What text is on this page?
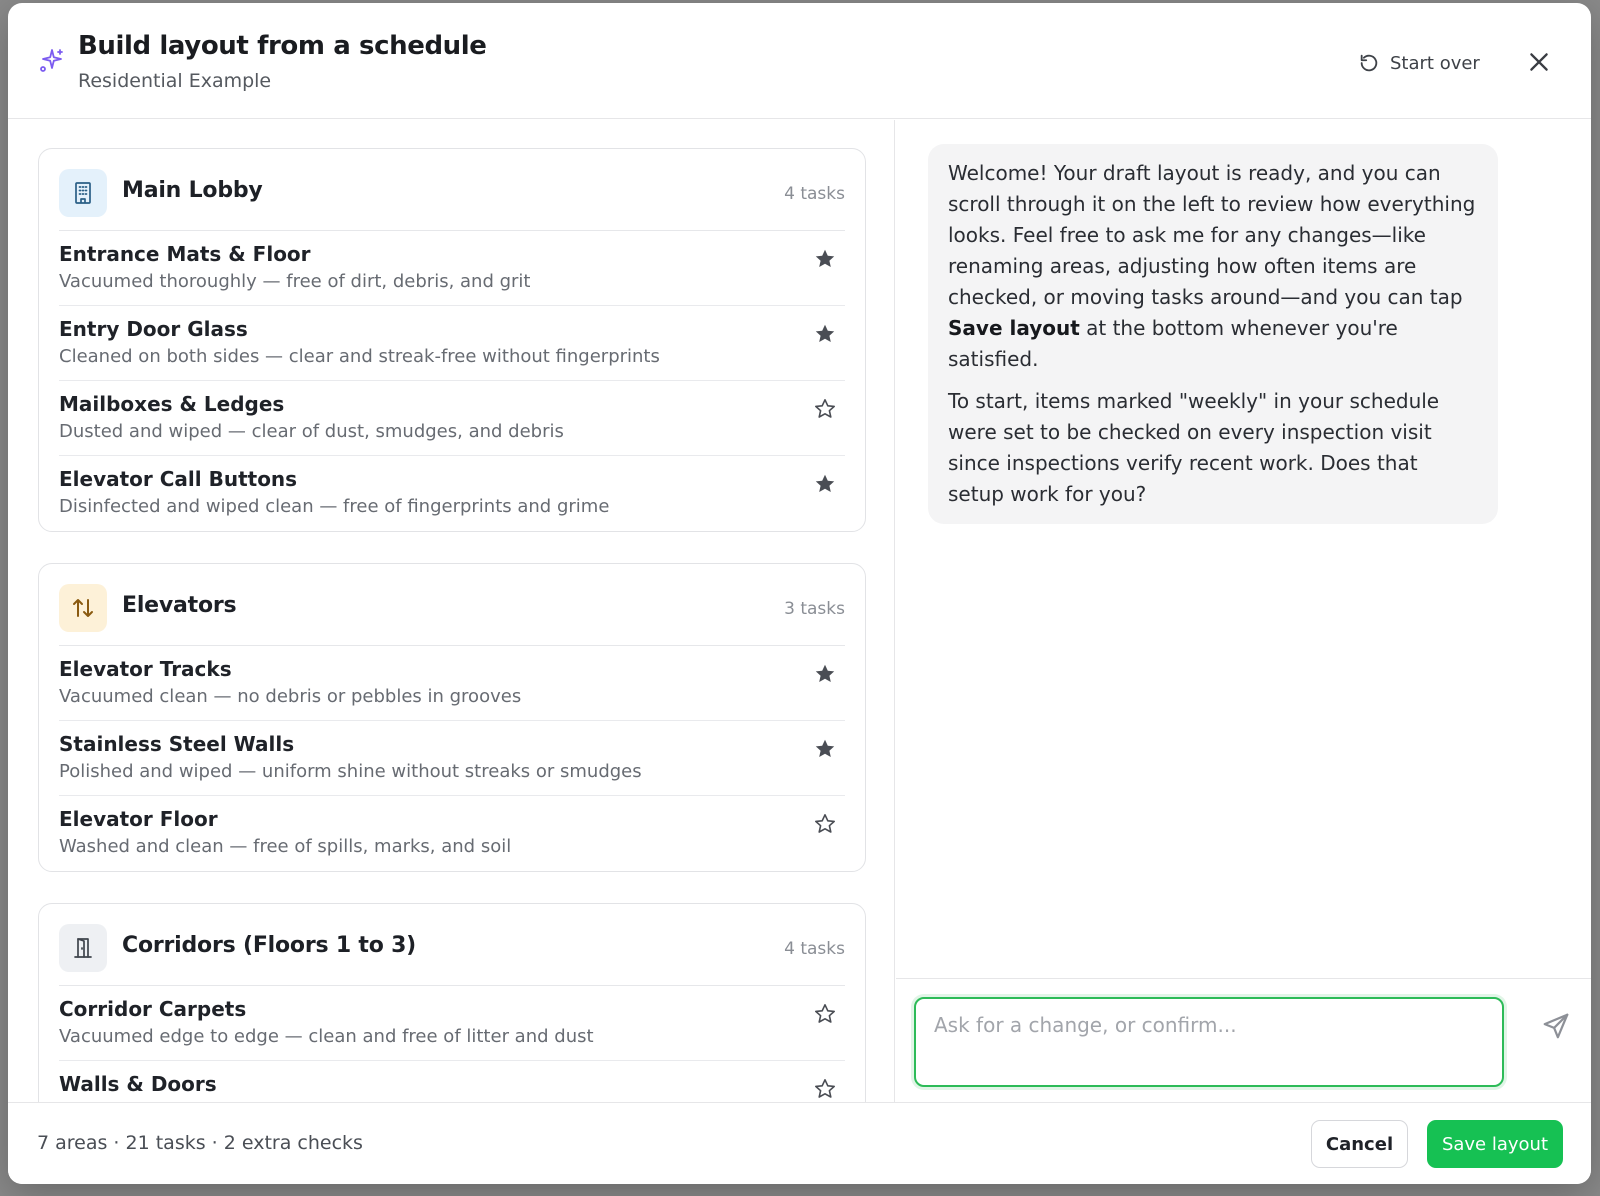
Build layout from a schedule
Residential Example
Start over
Main Lobby	4 tasks
Entrance Mats & Floor
Vacuumed thoroughly — free of dirt, debris, and grit
Entry Door Glass
Cleaned on both sides — clear and streak-free without fingerprints
Mailboxes & Ledges
Dusted and wiped — clear of dust, smudges, and debris
Elevator Call Buttons
Disinfected and wiped clean — free of fingerprints and grime
Elevators	3 tasks
Elevator Tracks
Vacuumed clean — no debris or pebbles in grooves
Stainless Steel Walls
Polished and wiped — uniform shine without streaks or smudges
Elevator Floor
Washed and clean — free of spills, marks, and soil
Corridors (Floors 1 to 3)	4 tasks
Corridor Carpets
Vacuumed edge to edge — clean and free of litter and dust
Walls & Doors

Welcome! Your draft layout is ready, and you can scroll through it on the left to review how everything looks. Feel free to ask me for any changes—like renaming areas, adjusting how often items are checked, or moving tasks around—and you can tap Save layout at the bottom whenever you're satisfied.

To start, items marked "weekly" in your schedule were set to be checked on every inspection visit since inspections verify recent work. Does that setup work for you?

Ask for a change, or confirm...
7 areas · 21 tasks · 2 extra checks	Cancel	Save layout
